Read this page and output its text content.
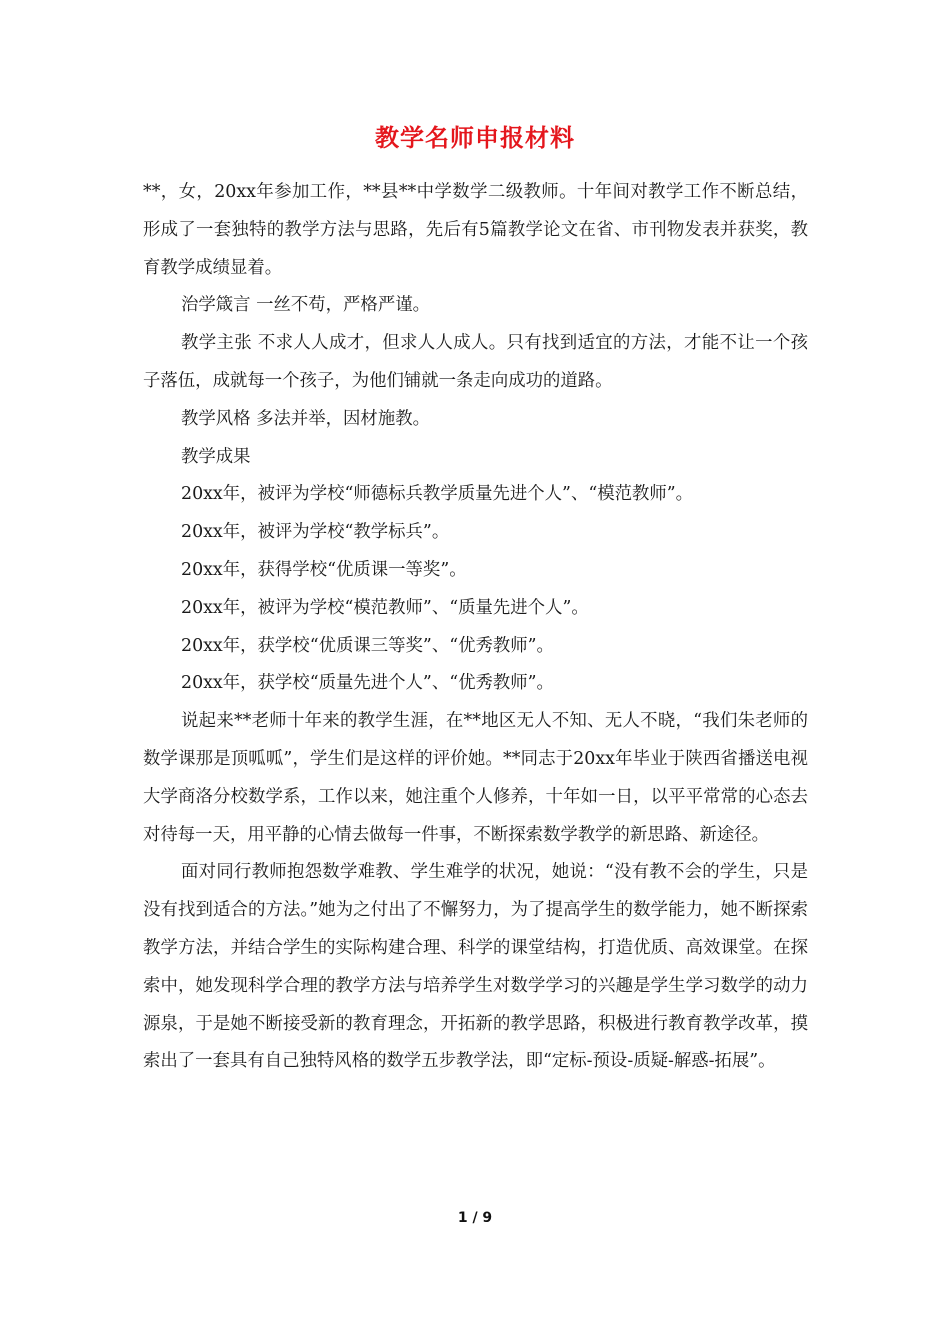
教学名师申报材料

**，女，20xx年参加工作，**县**中学数学二级教师。十年间对教学工作不断总结，形成了一套独特的教学方法与思路，先后有5篇教学论文在省、市刊物发表并获奖，教育教学成绩显着。

治学箴言 一丝不苟，严格严谨。

教学主张 不求人人成才，但求人人成人。只有找到适宜的方法，才能不让一个孩子落伍，成就每一个孩子，为他们铺就一条走向成功的道路。

教学风格 多法并举，因材施教。

教学成果

20xx年，被评为学校“师德标兵教学质量先进个人”、“模范教师”。

20xx年，被评为学校“教学标兵”。

20xx年，获得学校“优质课一等奖”。

20xx年，被评为学校“模范教师”、“质量先进个人”。

20xx年，获学校“优质课三等奖”、“优秀教师”。

20xx年，获学校“质量先进个人”、“优秀教师”。

说起来**老师十年来的教学生涯，在**地区无人不知、无人不晓，“我们朱老师的数学课那是顶呱呱”，学生们是这样的评价她。**同志于20xx年毕业于陕西省播送电视大学商洛分校数学系，工作以来，她注重个人修养，十年如一日，以平平常常的心态去对待每一天，用平静的心情去做每一件事，不断探索数学教学的新思路、新途径。

面对同行教师抱怨数学难教、学生难学的状况，她说：“没有教不会的学生，只是没有找到适合的方法。”她为之付出了不懈努力，为了提高学生的数学能力，她不断探索教学方法，并结合学生的实际构建合理、科学的课堂结构，打造优质、高效课堂。在探索中，她发现科学合理的教学方法与培养学生对数学学习的兴趣是学生学习数学的动力源泉，于是她不断接受新的教育理念，开拓新的教学思路，积极进行教育教学改革，摸索出了一套具有自己独特风格的数学五步教学法，即“定标-预设-质疑-解惑-拓展”。

1 / 9
